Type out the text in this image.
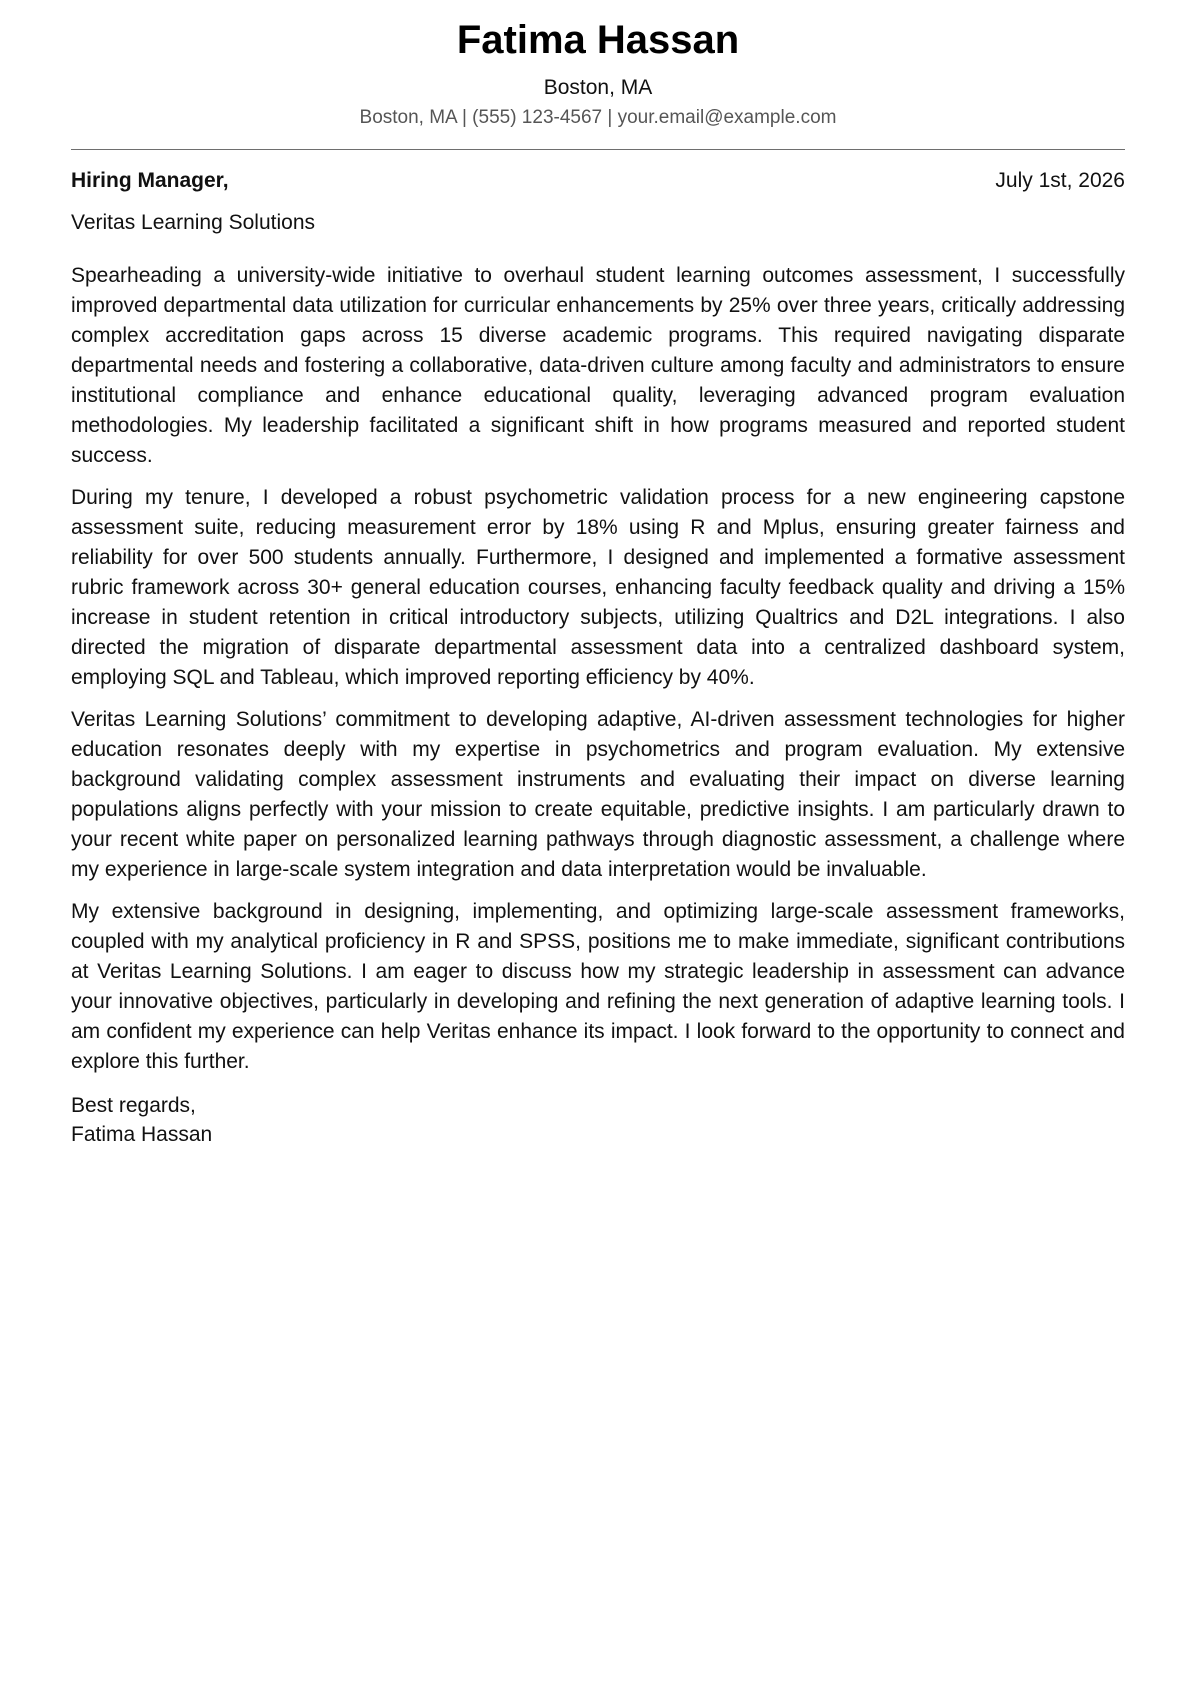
Fatima Hassan
Boston, MA
Boston, MA | (555) 123-4567 | your.email@example.com
Hiring Manager,	July 1st, 2026
Veritas Learning Solutions

Spearheading a university-wide initiative to overhaul student learning outcomes assessment, I successfully improved departmental data utilization for curricular enhancements by 25% over three years, critically addressing complex accreditation gaps across 15 diverse academic programs. This required navigating disparate departmental needs and fostering a collaborative, data-driven culture among faculty and administrators to ensure institutional compliance and enhance educational quality, leveraging advanced program evaluation methodologies. My leadership facilitated a significant shift in how programs measured and reported student success.

During my tenure, I developed a robust psychometric validation process for a new engineering capstone assessment suite, reducing measurement error by 18% using R and Mplus, ensuring greater fairness and reliability for over 500 students annually. Furthermore, I designed and implemented a formative assessment rubric framework across 30+ general education courses, enhancing faculty feedback quality and driving a 15% increase in student retention in critical introductory subjects, utilizing Qualtrics and D2L integrations. I also directed the migration of disparate departmental assessment data into a centralized dashboard system, employing SQL and Tableau, which improved reporting efficiency by 40%.

Veritas Learning Solutions’ commitment to developing adaptive, AI-driven assessment technologies for higher education resonates deeply with my expertise in psychometrics and program evaluation. My extensive background validating complex assessment instruments and evaluating their impact on diverse learning populations aligns perfectly with your mission to create equitable, predictive insights. I am particularly drawn to your recent white paper on personalized learning pathways through diagnostic assessment, a challenge where my experience in large-scale system integration and data interpretation would be invaluable.

My extensive background in designing, implementing, and optimizing large-scale assessment frameworks, coupled with my analytical proficiency in R and SPSS, positions me to make immediate, significant contributions at Veritas Learning Solutions. I am eager to discuss how my strategic leadership in assessment can advance your innovative objectives, particularly in developing and refining the next generation of adaptive learning tools. I am confident my experience can help Veritas enhance its impact. I look forward to the opportunity to connect and explore this further.

Best regards,
Fatima Hassan
